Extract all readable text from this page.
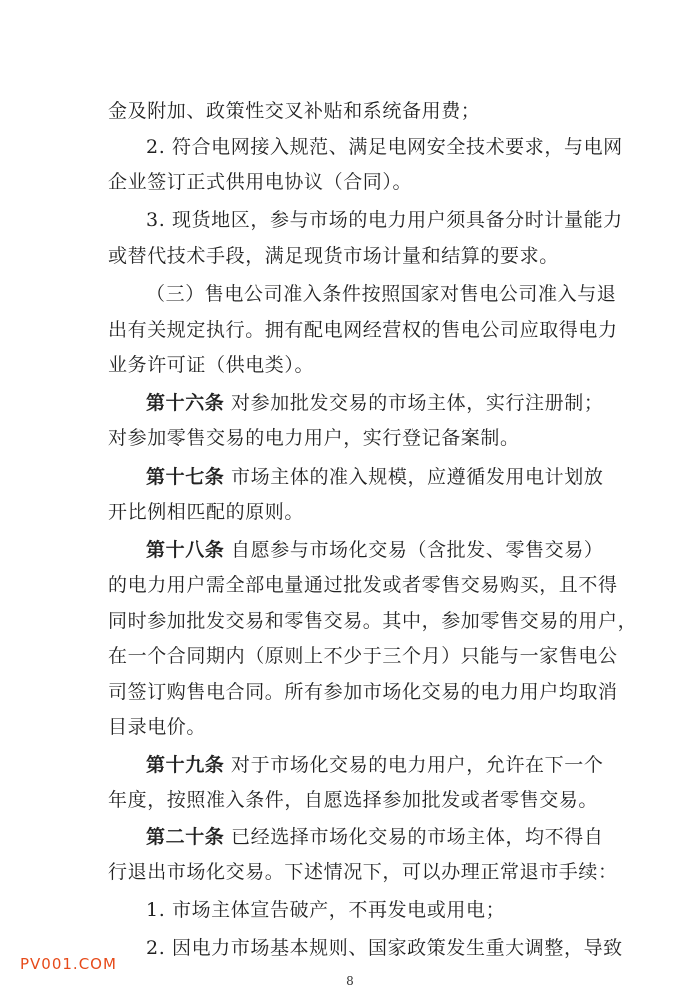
金及附加、政策性交叉补贴和系统备用费；
2. 符合电网接入规范、满足电网安全技术要求，与电网
企业签订正式供用电协议（合同）。
3. 现货地区，参与市场的电力用户须具备分时计量能力
或替代技术手段，满足现货市场计量和结算的要求。
（三）售电公司准入条件按照国家对售电公司准入与退
出有关规定执行。拥有配电网经营权的售电公司应取得电力
业务许可证（供电类）。
第十六条 对参加批发交易的市场主体，实行注册制；
对参加零售交易的电力用户，实行登记备案制。
第十七条 市场主体的准入规模，应遵循发用电计划放
开比例相匹配的原则。
第十八条 自愿参与市场化交易（含批发、零售交易）
的电力用户需全部电量通过批发或者零售交易购买，且不得
同时参加批发交易和零售交易。其中，参加零售交易的用户，
在一个合同期内（原则上不少于三个月）只能与一家售电公
司签订购售电合同。所有参加市场化交易的电力用户均取消
目录电价。
第十九条 对于市场化交易的电力用户，允许在下一个
年度，按照准入条件，自愿选择参加批发或者零售交易。
第二十条 已经选择市场化交易的市场主体，均不得自
行退出市场化交易。下述情况下，可以办理正常退市手续：
1. 市场主体宣告破产，不再发电或用电；
2. 因电力市场基本规则、国家政策发生重大调整，导致
8
PV001.COM
